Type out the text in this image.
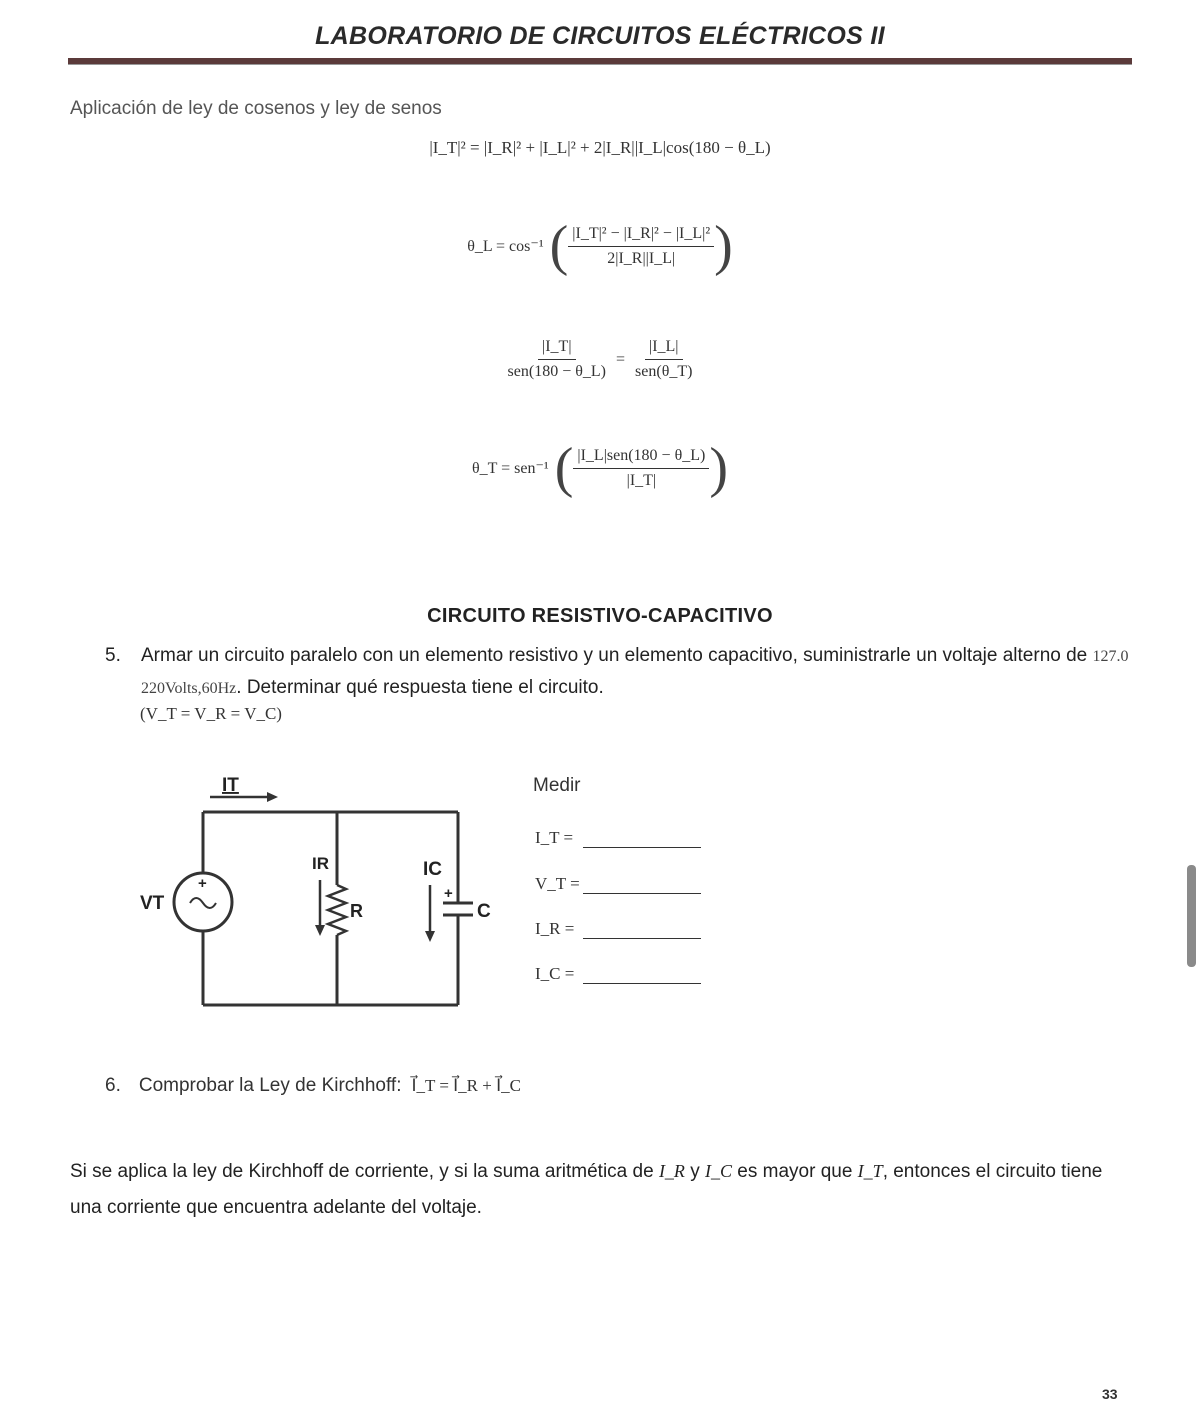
LABORATORIO DE CIRCUITOS ELÉCTRICOS II
Aplicación de ley de cosenos y ley de senos
|I_T|² = |I_R|² + |I_L|² + 2|I_R||I_L|cos(180 − θ_L)
θ_L = cos⁻¹ ( $\frac{\text{|I\_T|² − |I\_R|² − |I\_L|²}}{2|I\_R||I\_L|}$ )
$\frac{|I\_T|}{\text{sen(180 − θ\_L)}} = \frac{|I\_L|}{\text{sen(θ\_T)}}$
θ_T = sen⁻¹ ( $\frac{\text{|I\_L|sen(180 − θ\_L)}}{|I\_T|}$ )
CIRCUITO RESISTIVO-CAPACITIVO
5. Armar un circuito paralelo con un elemento resistivo y un elemento capacitivo, suministrarle un voltaje alterno de 127.0 220Volts,60Hz. Determinar qué respuesta tiene el circuito.
(V_T = V_R = V_C)
IT
VT
+
IR
R
IC
+
C
Medir
I_T =
V_T =
I_R =
I_C =
6. Comprobar la Ley de Kirchhoff: I⃗_T = I⃗_R + I⃗_C
Si se aplica la ley de Kirchhoff de corriente, y si la suma aritmética de I_R y I_C es mayor que I_T, entonces el circuito tiene una corriente que encuentra adelante del voltaje.
33
